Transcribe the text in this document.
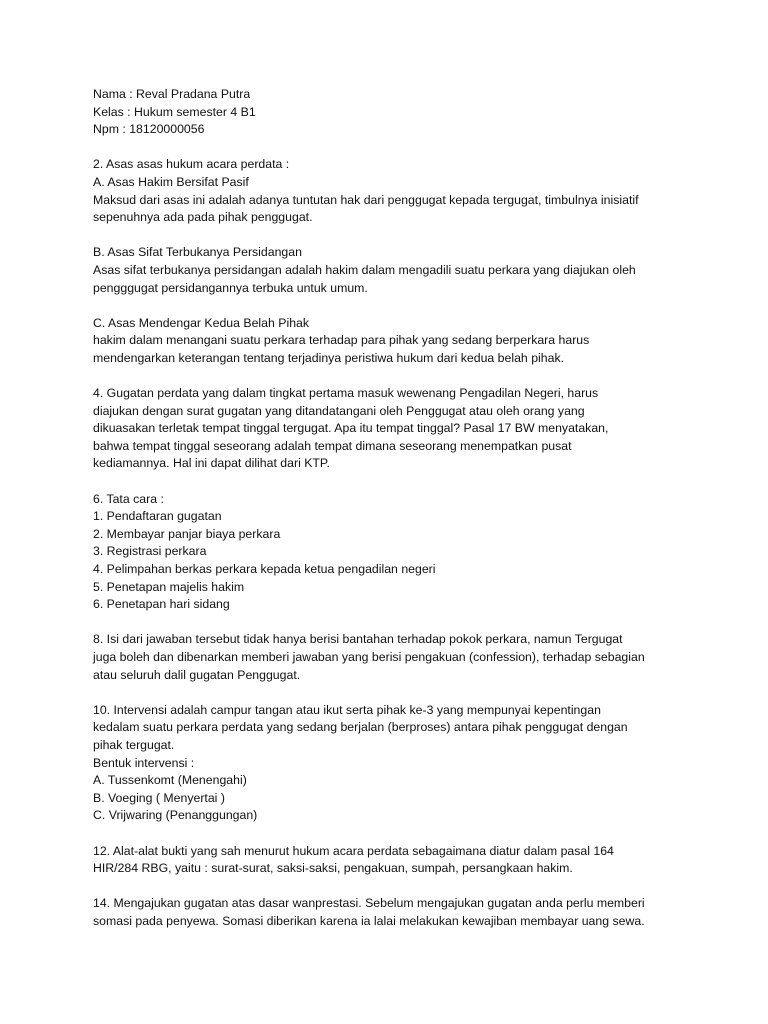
Nama : Reval Pradana Putra
Kelas : Hukum semester 4 B1
Npm : 18120000056
2. Asas asas hukum acara perdata :
A. Asas Hakim Bersifat Pasif
Maksud dari asas ini adalah adanya tuntutan hak dari penggugat kepada tergugat, timbulnya inisiatif
sepenuhnya ada pada pihak penggugat.
B. Asas Sifat Terbukanya Persidangan
Asas sifat terbukanya persidangan adalah hakim dalam mengadili suatu perkara yang diajukan oleh
pengggugat persidangannya terbuka untuk umum.
C. Asas Mendengar Kedua Belah Pihak
hakim dalam menangani suatu perkara terhadap para pihak yang sedang berperkara harus
mendengarkan keterangan tentang terjadinya peristiwa hukum dari kedua belah pihak.
4. Gugatan perdata yang dalam tingkat pertama masuk wewenang Pengadilan Negeri, harus
diajukan dengan surat gugatan yang ditandatangani oleh Penggugat atau oleh orang yang
dikuasakan terletak tempat tinggal tergugat. Apa itu tempat tinggal? Pasal 17 BW menyatakan,
bahwa tempat tinggal seseorang adalah tempat dimana seseorang menempatkan pusat
kediamannya. Hal ini dapat dilihat dari KTP.
6. Tata cara :
1. Pendaftaran gugatan
2. Membayar panjar biaya perkara
3. Registrasi perkara
4. Pelimpahan berkas perkara kepada ketua pengadilan negeri
5. Penetapan majelis hakim
6. Penetapan hari sidang
8. Isi dari jawaban tersebut tidak hanya berisi bantahan terhadap pokok perkara, namun Tergugat
juga boleh dan dibenarkan memberi jawaban yang berisi pengakuan (confession), terhadap sebagian
atau seluruh dalil gugatan Penggugat.
10. Intervensi adalah campur tangan atau ikut serta pihak ke-3 yang mempunyai kepentingan
kedalam suatu perkara perdata yang sedang berjalan (berproses) antara pihak penggugat dengan
pihak tergugat.
Bentuk intervensi :
A. Tussenkomt (Menengahi)
B. Voeging ( Menyertai )
C. Vrijwaring (Penanggungan)
12. Alat-alat bukti yang sah menurut hukum acara perdata sebagaimana diatur dalam pasal 164
HIR/284 RBG, yaitu : surat-surat, saksi-saksi, pengakuan, sumpah, persangkaan hakim.
14. Mengajukan gugatan atas dasar wanprestasi. Sebelum mengajukan gugatan anda perlu memberi
somasi pada penyewa. Somasi diberikan karena ia lalai melakukan kewajiban membayar uang sewa.
